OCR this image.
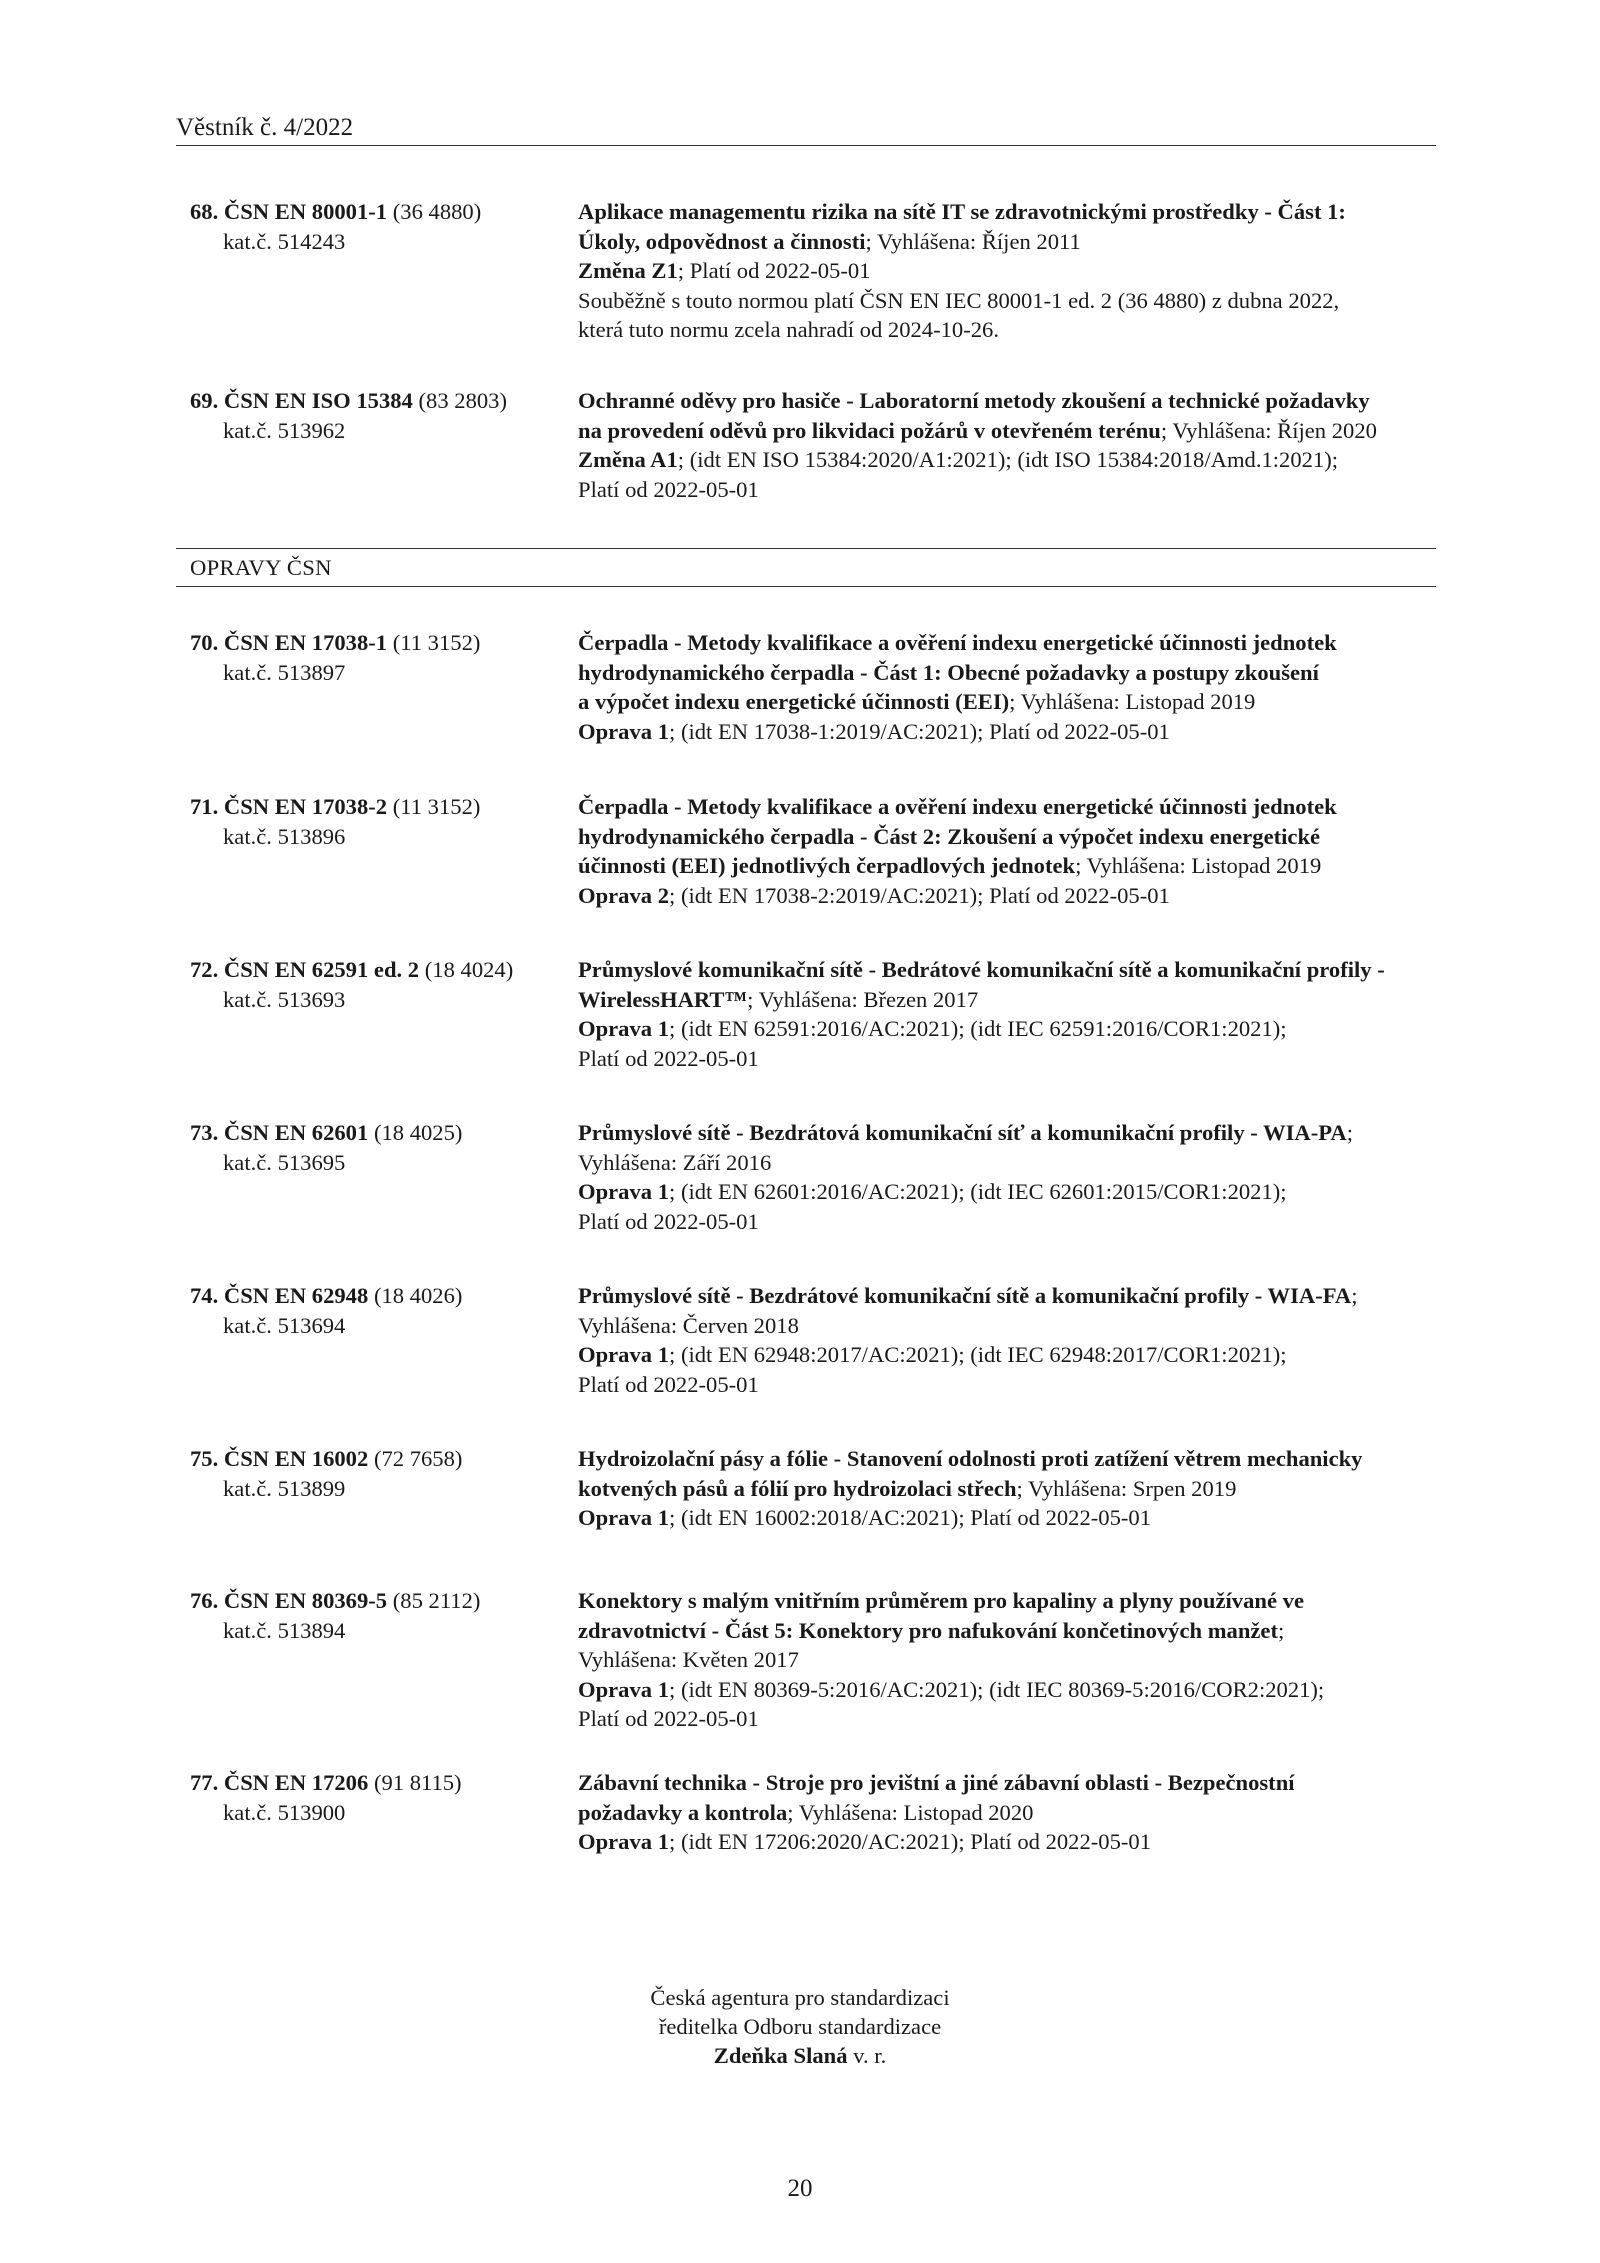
Věstník č. 4/2022
68. ČSN EN 80001-1 (36 4880)
kat.č. 514243
Aplikace managementu rizika na sítě IT se zdravotnickými prostředky - Část 1:
Úkoly, odpovědnost a činnosti; Vyhlášena: Říjen 2011
Změna Z1; Platí od 2022-05-01
Souběžně s touto normou platí ČSN EN IEC 80001-1 ed. 2 (36 4880) z dubna 2022,
která tuto normu zcela nahradí od 2024-10-26.
69. ČSN EN ISO 15384 (83 2803)
kat.č. 513962
Ochranné oděvy pro hasiče - Laboratorní metody zkoušení a technické požadavky
na provedení oděvů pro likvidaci požárů v otevřeném terénu; Vyhlášena: Říjen 2020
Změna A1; (idt EN ISO 15384:2020/A1:2021); (idt ISO 15384:2018/Amd.1:2021);
Platí od 2022-05-01
OPRAVY ČSN
70. ČSN EN 17038-1 (11 3152)
kat.č. 513897
Čerpadla - Metody kvalifikace a ověření indexu energetické účinnosti jednotek
hydrodynamického čerpadla - Část 1: Obecné požadavky a postupy zkoušení
a výpočet indexu energetické účinnosti (EEI); Vyhlášena: Listopad 2019
Oprava 1; (idt EN 17038-1:2019/AC:2021); Platí od 2022-05-01
71. ČSN EN 17038-2 (11 3152)
kat.č. 513896
Čerpadla - Metody kvalifikace a ověření indexu energetické účinnosti jednotek
hydrodynamického čerpadla - Část 2: Zkoušení a výpočet indexu energetické
účinnosti (EEI) jednotlivých čerpadlových jednotek; Vyhlášena: Listopad 2019
Oprava 2; (idt EN 17038-2:2019/AC:2021); Platí od 2022-05-01
72. ČSN EN 62591 ed. 2 (18 4024)
kat.č. 513693
Průmyslové komunikační sítě - Bedrátové komunikační sítě a komunikační profily -
WirelessHART™; Vyhlášena: Březen 2017
Oprava 1; (idt EN 62591:2016/AC:2021); (idt IEC 62591:2016/COR1:2021);
Platí od 2022-05-01
73. ČSN EN 62601 (18 4025)
kat.č. 513695
Průmyslové sítě - Bezdrátová komunikační síť a komunikační profily - WIA-PA;
Vyhlášena: Září 2016
Oprava 1; (idt EN 62601:2016/AC:2021); (idt IEC 62601:2015/COR1:2021);
Platí od 2022-05-01
74. ČSN EN 62948 (18 4026)
kat.č. 513694
Průmyslové sítě - Bezdrátové komunikační sítě a komunikační profily - WIA-FA;
Vyhlášena: Červen 2018
Oprava 1; (idt EN 62948:2017/AC:2021); (idt IEC 62948:2017/COR1:2021);
Platí od 2022-05-01
75. ČSN EN 16002 (72 7658)
kat.č. 513899
Hydroizolační pásy a fólie - Stanovení odolnosti proti zatížení větrem mechanicky
kotvených pásů a fólií pro hydroizolaci střech; Vyhlášena: Srpen 2019
Oprava 1; (idt EN 16002:2018/AC:2021); Platí od 2022-05-01
76. ČSN EN 80369-5 (85 2112)
kat.č. 513894
Konektory s malým vnitřním průměrem pro kapaliny a plyny používané ve
zdravotnictví - Část 5: Konektory pro nafukování končetinových manžet;
Vyhlášena: Květen 2017
Oprava 1; (idt EN 80369-5:2016/AC:2021); (idt IEC 80369-5:2016/COR2:2021);
Platí od 2022-05-01
77. ČSN EN 17206 (91 8115)
kat.č. 513900
Zábavní technika - Stroje pro jevištní a jiné zábavní oblasti - Bezpečnostní
požadavky a kontrola; Vyhlášena: Listopad 2020
Oprava 1; (idt EN 17206:2020/AC:2021); Platí od 2022-05-01
Česká agentura pro standardizaci
ředitelka Odboru standardizace
Zdeňka Slaná v. r.
20
